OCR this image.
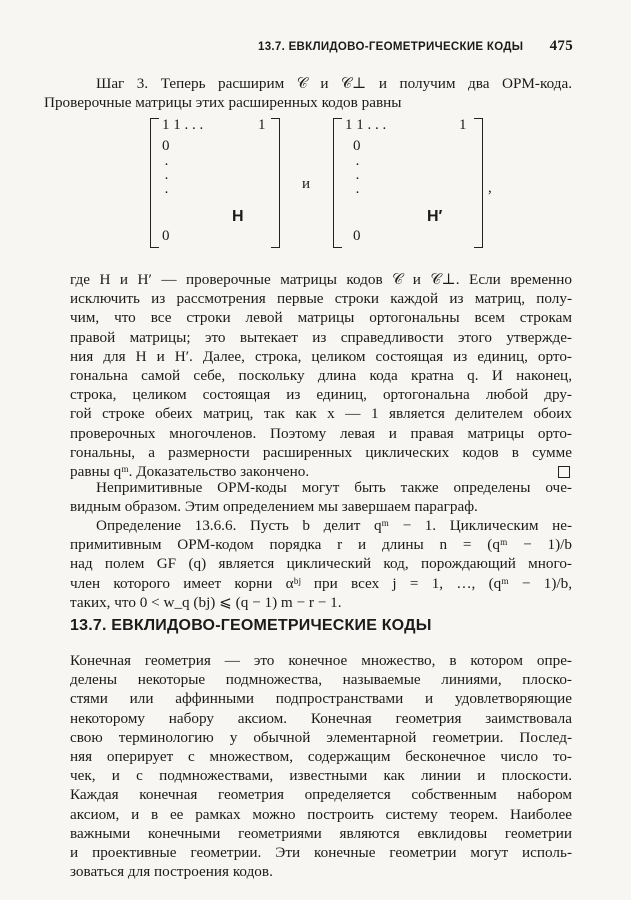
13.7. ЕВКЛИДОВО-ГЕОМЕТРИЧЕСКИЕ КОДЫ 475
Шаг 3. Теперь расширим 𝒞 и 𝒞⊥ и получим два ОРМ-кода.
Проверочные матрицы этих расширенных кодов равны
1 1 . . .	1
0
·
·
·
H
0
и
1 1 . . .	1
0
·
·
·
H′
0
,
где H и H′ — проверочные матрицы кодов 𝒞 и 𝒞⊥. Если временно
исключить из рассмотрения первые строки каждой из матриц, полу-
чим, что все строки левой матрицы ортогональны всем строкам
правой матрицы; это вытекает из справедливости этого утвержде-
ния для H и H′. Далее, строка, целиком состоящая из единиц, орто-
гональна самой себе, поскольку длина кода кратна q. И наконец,
строка, целиком состоящая из единиц, ортогональна любой дру-
гой строке обеих матриц, так как x — 1 является делителем обоих
проверочных многочленов. Поэтому левая и правая матрицы орто-
гональны, а размерности расширенных циклических кодов в сумме
равны qᵐ. Доказательство закончено.
Непримитивные ОРМ-коды могут быть также определены оче-
видным образом. Этим определением мы завершаем параграф.
Определение 13.6.6. Пусть b делит qᵐ − 1. Циклическим не-
примитивным ОРМ-кодом порядка r и длины n = (qᵐ − 1)/b
над полем GF (q) является циклический код, порождающий много-
член которого имеет корни αᵇʲ при всех j = 1, …, (qᵐ − 1)/b,
таких, что 0 < w_q (bj) ⩽ (q − 1) m − r − 1.
13.7. ЕВКЛИДОВО-ГЕОМЕТРИЧЕСКИЕ КОДЫ
Конечная геометрия — это конечное множество, в котором опре-
делены некоторые подмножества, называемые линиями, плоско-
стями или аффинными подпространствами и удовлетворяющие
некоторому набору аксиом. Конечная геометрия заимствовала
свою терминологию у обычной элементарной геометрии. Послед-
няя оперирует с множеством, содержащим бесконечное число то-
чек, и с подмножествами, известными как линии и плоскости.
Каждая конечная геометрия определяется собственным набором
аксиом, и в ее рамках можно построить систему теорем. Наиболее
важными конечными геометриями являются евклидовы геометрии
и проективные геометрии. Эти конечные геометрии могут исполь-
зоваться для построения кодов.
